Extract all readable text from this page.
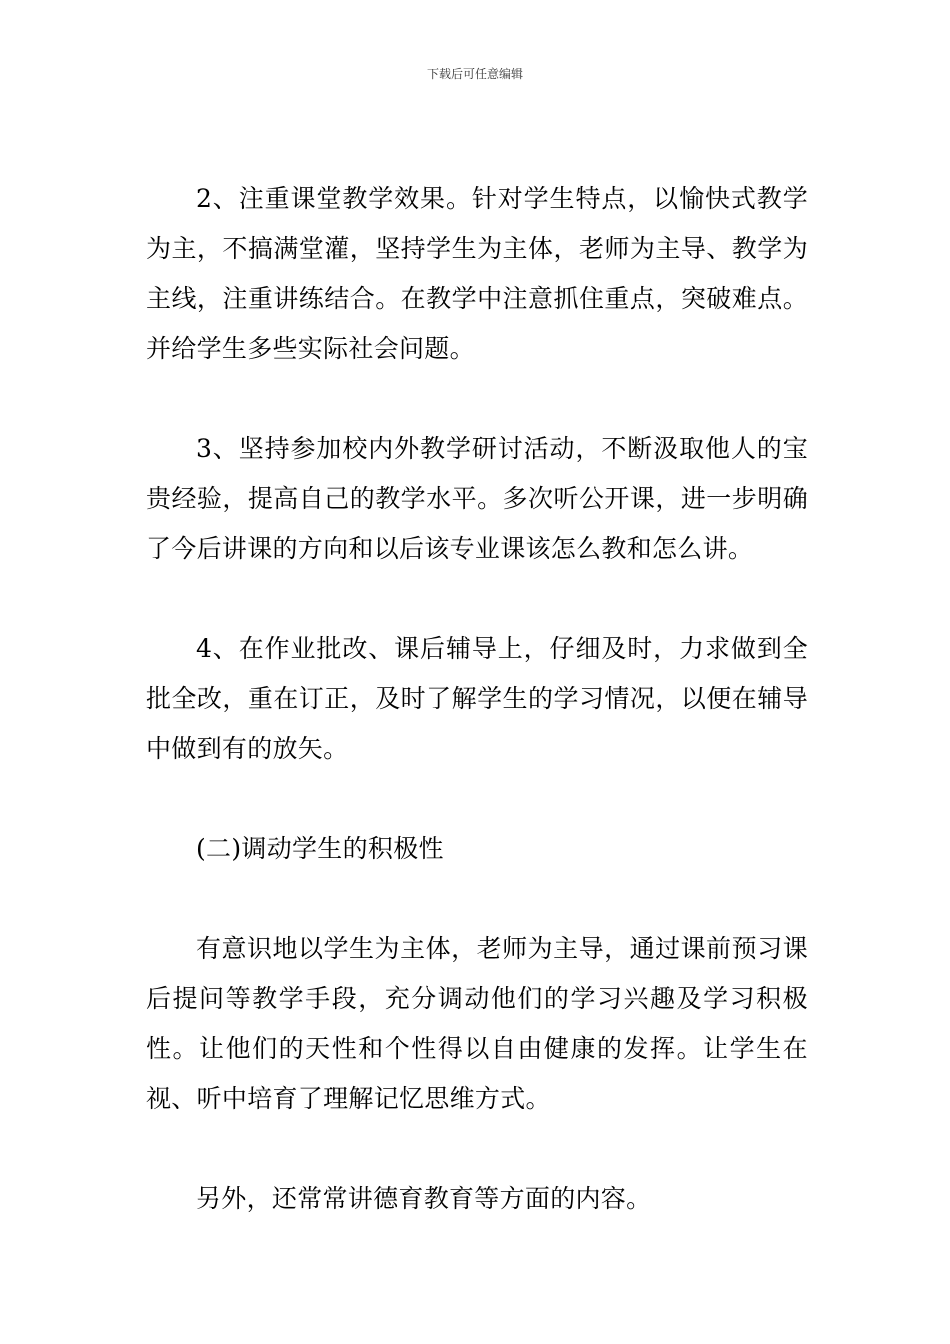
下载后可任意编辑

2、注重课堂教学效果。针对学生特点，以愉快式教学为主，不搞满堂灌，坚持学生为主体，老师为主导、教学为主线，注重讲练结合。在教学中注意抓住重点，突破难点。并给学生多些实际社会问题。

3、坚持参加校内外教学研讨活动，不断汲取他人的宝贵经验，提高自己的教学水平。多次听公开课，进一步明确了今后讲课的方向和以后该专业课该怎么教和怎么讲。

4、在作业批改、课后辅导上，仔细及时，力求做到全批全改，重在订正，及时了解学生的学习情况，以便在辅导中做到有的放矢。

(二)调动学生的积极性

有意识地以学生为主体，老师为主导，通过课前预习课后提问等教学手段，充分调动他们的学习兴趣及学习积极性。让他们的天性和个性得以自由健康的发挥。让学生在视、听中培育了理解记忆思维方式。

另外，还常常讲德育教育等方面的内容。
